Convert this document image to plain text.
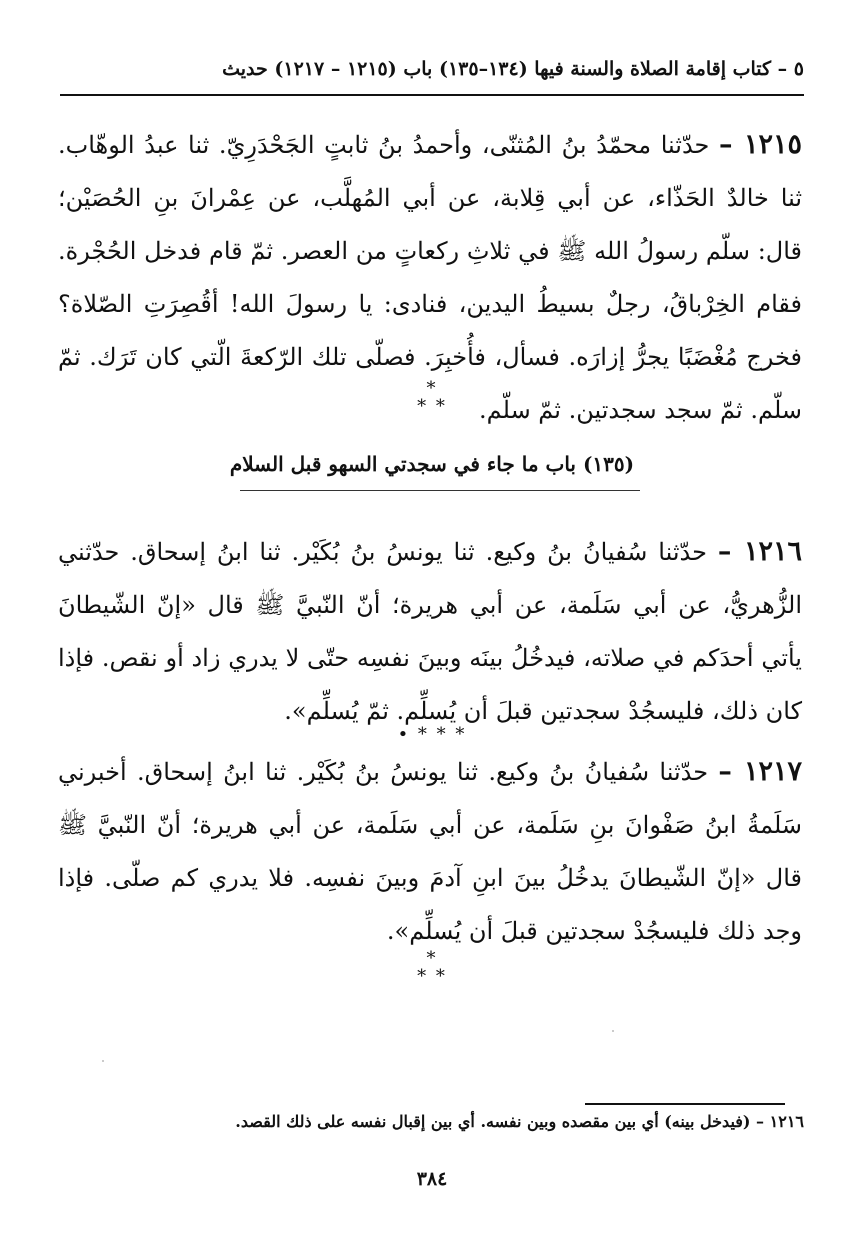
٥ – كتاب إقامة الصلاة والسنة فيها (١٣٤–١٣٥) باب (١٢١٥ – ١٢١٧) حديث
١٢١٥ – حدّثنا محمّدُ بنُ المُثنّى، وأحمدُ بنُ ثابتٍ الجَحْدَرِيّ. ثنا عبدُ الوهّاب. ثنا خالدٌ الحَذّاء، عن أبي قِلابة، عن أبي المُهلَّب، عن عِمْرانَ بنِ الحُصَيْن؛ قال: سلّم رسولُ الله ﷺ في ثلاثِ ركعاتٍ من العصر. ثمّ قام فدخل الحُجْرة. فقام الخِرْباقُ، رجلٌ بسيطُ اليدين، فنادى: يا رسولَ الله! أقُصِرَتِ الصّلاة؟ فخرج مُغْضَبًا يجرُّ إزارَه. فسأل، فأُخبِرَ. فصلّى تلك الرّكعةَ الّتي كان تَرَك. ثمّ سلّم. ثمّ سجد سجدتين. ثمّ سلّم.
*
* *
(١٣٥) باب ما جاء في سجدتي السهو قبل السلام
١٢١٦ – حدّثنا سُفيانُ بنُ وكيع. ثنا يونسُ بنُ بُكَيْر. ثنا ابنُ إسحاق. حدّثني الزُّهريُّ، عن أبي سَلَمة، عن أبي هريرة؛ أنّ النّبيَّ ﷺ قال «إنّ الشّيطانَ يأتي أحدَكم في صلاته، فيدخُلُ بينَه وبينَ نفسِه حتّى لا يدري زاد أو نقص. فإذا كان ذلك، فليسجُدْ سجدتين قبلَ أن يُسلِّم. ثمّ يُسلِّم».
• * * *
١٢١٧ – حدّثنا سُفيانُ بنُ وكيع. ثنا يونسُ بنُ بُكَيْر. ثنا ابنُ إسحاق. أخبرني سَلَمةُ ابنُ صَفْوانَ بنِ سَلَمة، عن أبي سَلَمة، عن أبي هريرة؛ أنّ النّبيَّ ﷺ قال «إنّ الشّيطانَ يدخُلُ بينَ ابنِ آدمَ وبينَ نفسِه. فلا يدري كم صلّى. فإذا وجد ذلك فليسجُدْ سجدتين قبلَ أن يُسلِّم».
*
* *
١٢١٦ – (فيدخل بينه) أي بين مقصده وبين نفسه. أي بين إقبال نفسه على ذلك القصد.
٣٨٤
